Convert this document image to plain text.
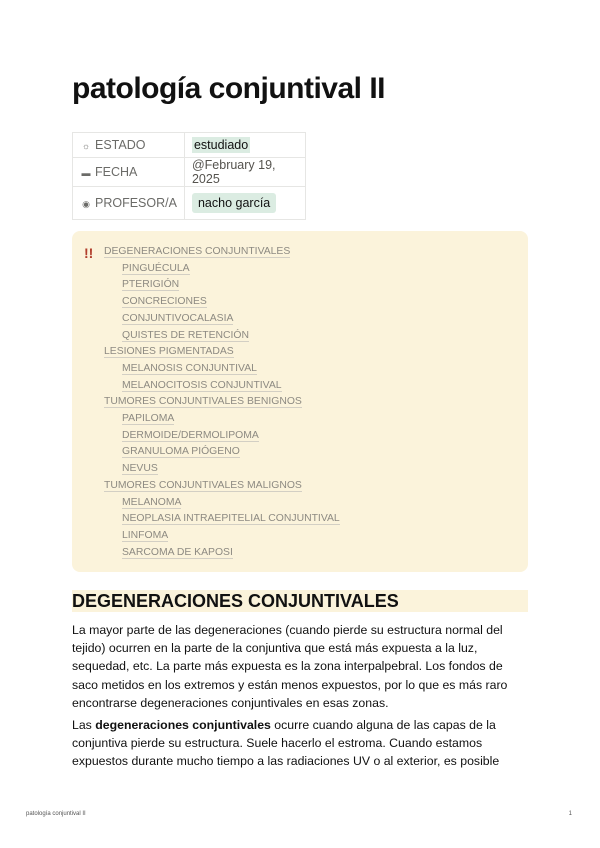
patología conjuntival II
☼ ESTADO	estudiado
▬ FECHA	@February 19, 2025
◉ PROFESOR/A	nacho garcía
!! DEGENERACIONES CONJUNTIVALES
PINGUÉCULA
PTERIGIÓN
CONCRECIONES
CONJUNTIVOCALASIA
QUISTES DE RETENCIÓN
LESIONES PIGMENTADAS
MELANOSIS CONJUNTIVAL
MELANOCITOSIS CONJUNTIVAL
TUMORES CONJUNTIVALES BENIGNOS
PAPILOMA
DERMOIDE/DERMOLIPOMA
GRANULOMA PIÓGENO
NEVUS
TUMORES CONJUNTIVALES MALIGNOS
MELANOMA
NEOPLASIA INTRAEPITELIAL CONJUNTIVAL
LINFOMA
SARCOMA DE KAPOSI
DEGENERACIONES CONJUNTIVALES

La mayor parte de las degeneraciones (cuando pierde su estructura normal del tejido) ocurren en la parte de la conjuntiva que está más expuesta a la luz, sequedad, etc. La parte más expuesta es la zona interpalpebral. Los fondos de saco metidos en los extremos y están menos expuestos, por lo que es más raro encontrarse degeneraciones conjuntivales en esas zonas.

Las degeneraciones conjuntivales ocurre cuando alguna de las capas de la conjuntiva pierde su estructura. Suele hacerlo el estroma. Cuando estamos expuestos durante mucho tiempo a las radiaciones UV o al exterior, es posible

patología conjuntival II	1
